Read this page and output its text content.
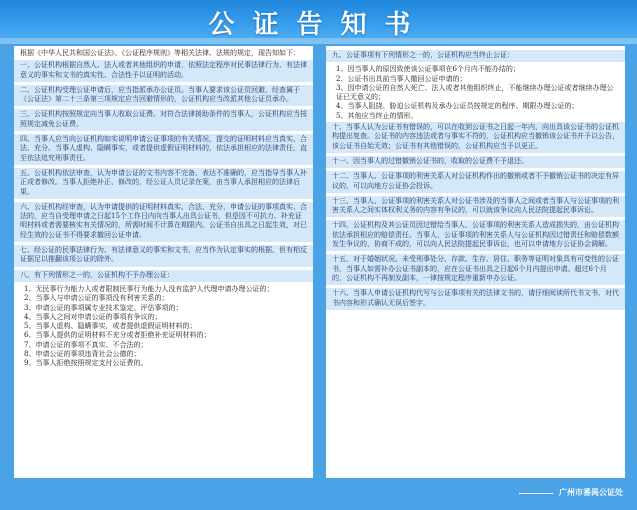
公证告知书

根据《中华人民共和国公证法》、《公证程序规则》等相关法律、法规的规定，现告知如下：

一、公证机构根据自然人、法人或者其他组织的申请，依照法定程序对民事法律行为、有法律意义的事实和文书的真实性、合法性予以证明的活动。

二、公证机构受理公证申请后，应当指派承办公证员。当事人要求该公证员回避，经查属于《公证法》第二十三条第三项规定应当回避情形的，公证机构应当改派其他公证员承办。

三、公证机构按照规定向当事人收取公证费。对符合法律援助条件的当事人，公证机构应当按照规定减免公证费。

四、当事人应当向公证机构如实说明申请公证事项的有关情况，提交的证明材料应当真实、合法、充分。当事人虚构、隐瞒事实，或者提供虚假证明材料的，依法承担相应的法律责任，直至依法追究刑事责任。

五、公证机构依法审查，认为申请公证的文书内容不完备、表达不准确的，应当指导当事人补正或者修改。当事人拒绝补正、修改的，经公证人员记录在案，由当事人承担相应的法律后果。

六、公证机构经审查，认为申请提供的证明材料真实、合法、充分，申请公证的事项真实、合法的，应当自受理申请之日起15个工作日内向当事人出具公证书，但是因不可抗力、补充证明材料或者需要核实有关情况的，所需时间不计算在期限内。公证书自出具之日起生效，对已经生效的公证书不得要求撤回公证申请。

七、经公证的民事法律行为、有法律意义的事实和文书，应当作为认定事实的根据，但有相反证据足以推翻该项公证的除外。

八、有下列情形之一的，公证机构不予办理公证：

1、无民事行为能力人或者限制民事行为能力人没有监护人代理申请办理公证的；

2、当事人与申请公证的事项没有利害关系的；

3、申请公证的事项属专业技术鉴定、评估事项的；

4、当事人之间对申请公证的事项有争议的；

5、当事人虚构、隐瞒事实，或者提供虚假证明材料的；

6、当事人提供的证明材料不充分或者拒绝补充证明材料的；

7、申请公证的事项不真实、不合法的；

8、申请公证的事项违背社会公德的；

9、当事人拒绝按照规定支付公证费的。

九、公证事项有下列情形之一的，公证机构应当终止公证：

1、因当事人的原因致使该公证事项在6个月内不能办结的；

2、公证书出具前当事人撤回公证申请的；

3、因申请公证的自然人死亡、法人或者其他组织终止，不能继续办理公证或者继续办理公证已无意义的；

4、当事人阻挠、胁迫公证机构及承办公证员按规定的程序、期限办理公证的；

5、其他应当终止的情形。

十、当事人认为公证书有错误的，可以在收到公证书之日起一年内，向出具该公证书的公证机构提出复查。公证书的内容违法或者与事实不符的，公证机构应当撤销该公证书并予以公告，该公证书自始无效；公证书有其他错误的，公证机构应当予以更正。

十一、因当事人的过错撤销公证书的，收取的公证费不予退还。

十二、当事人、公证事项的利害关系人对公证机构作出的撤销或者不予撤销公证书的决定有异议的，可以向地方公证协会投诉。

十三、当事人、公证事项的利害关系人对公证书涉及的当事人之间或者当事人与公证事项的利害关系人之间实体权利义务的内容有争议的，可以就该争议向人民法院提起民事诉讼。

十四、公证机构及其公证员因过错给当事人、公证事项的利害关系人造成损失的，由公证机构依法承担相应的赔偿责任。当事人、公证事项的利害关系人与公证机构因过错责任和赔偿数额发生争议的，协商不成的，可以向人民法院提起民事诉讼，也可以申请地方公证协会调解。

十五、对于婚姻状况、未受刑事处分、存款、生存、居住、职务等证明对象具有可变性的公证书，当事人如需补办公证书副本的，应在公证书出具之日起6个月内提出申请。超过6个月的，公证机构不再制发副本，一律按规定程序重新申办公证。

十六、当事人申请公证机构代写与公证事项有关的法律文书的，请仔细阅读所代书文书，对代书内容和形式确认无误后签字。

广州市番禺公证处
